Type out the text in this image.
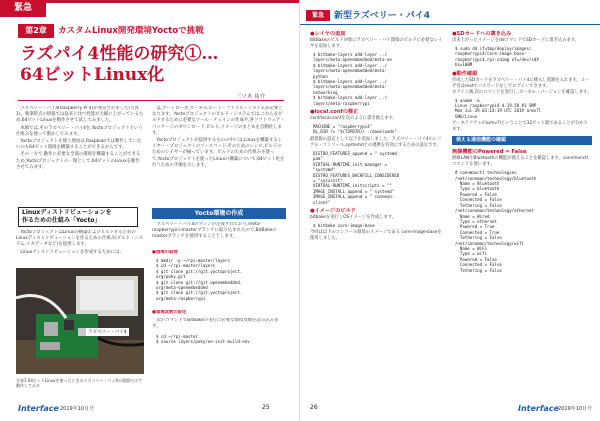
緊急
第2章	カスタムLinux開発環境Yoctoで挑戦
ラズパイ4性能の研究①…
64ビットLinux化
三ツ木 祐介

ラズベリー・パイ4(Raspberry Pi 4)が発売されました(写真1)。執筆時点の情報では従来と比べ性能が大幅に上がっているため,64ビットLinuxを動作させて試してみました。

本稿では,そのラズベリー・パイ4を,Yoctoプロジェクトという仕組みを使って動かしてみます。

Yoctoプロジェクトを使う理由は,Raspbianでは動作していないのも64ビット環境を構築することができるからです。

その一方で,動作に必要な全部の環境を構築することができるため,Yoctoプロジェクトの一環として,64ビットのLinuxを動作させてみます。

Linuxディストリビューションを
作るための仕組み「Yocto」

YoctoプロジェクトはLinuxの構築およびビルドするためのLinuxディストリビューションを作るための仕組み(ビルド・システム,メタデータなど)を提供します。

Linuxディストリビューションを作成するためには,

ラズベリー・パイ4
写真1 64ビットLinuxを使ったときのラズベリー・パイ4の電源だけで動作してみる

は,ブートローダ,カーネル,ルート・ファイル・システムが必要となります。Yoctoプロジェクトのビルド・システムでは,これらをビルドするために必要なツール・チェインの作成や,各ソフトウェア・パッケージのダウンロード,ビルド,イメージのまとめを自動化します。

Yoctoプロジェクトが提供するものの中には,Linuxを構築するレイヤー・プロジェクトのソースコード,そのためのレシピ,ビルドのためのレイヤーが揃っています。ビルドのための仕組みを使って,Yoctoプロジェクトを使ったLinuxの構築について,64ビット化を行うための手順を示します。

Yocto環境の作成

ラズベリー・パイ4のマシンが定義されており,meta-raspberrypiのmasterブランチに取り込まれたので,BitBakeのmasterブランチを使用することとします。

●環境の取得
$ mkdir -p ~/rpi-master/layers
$ cd ~/rpi-master/layers
$ git clone git://git.yoctoproject.
org/poky.git
$ git clone git://git.openembedded.
org/meta-openembedded
$ git clone git://git.yoctoproject.
org/meta-raspberrypi
●環境変数の設定

次のコマンドでBitBakeの実行に必要な環境変数を読み込みます。

$ cd ~/rpi-master
$ source layers/poky/oe-init-build-env
Interface 2019年10月号	25
緊急	新型ラズベリー・パイ4
●レイヤの追加
BitBakeのビルド対象にラズベリー・パイ環境のビルドに必要なレイヤを追加します。
$ bitbake-layers add-layer ../
layers/meta-openembedded/meta-oe
$ bitbake-layers add-layer ../
layers/meta-openembedded/meta-
python
$ bitbake-layers add-layer ../
layers/meta-openembedded/meta-
networking
$ bitbake-layers add-layer ../
layers/meta-raspberrypi
●local.confの修正
conf/local.confを次のように書き換えます。
MACHINE = "raspberrypi4"
DL_DIR ?= "${TOPDIR}/../downloads"
最低限の設定として以下を追加しました。ラズベリー・パイ4のシリアル・コンソール,systemdとの連携を有効にするための設定です。
DISTRO_FEATURES_append = " systemd
pam"
VIRTUAL-RUNTIME_init_manager =
"systemd"
DISTRO_FEATURES_BACKFILL_CONSIDERED
= "sysvinit"
VIRTUAL-RUNTIME_initscripts = ""
IMAGE_INSTALL_append = " systemd"
IMAGE_INSTALL_append = " connman-
client"
●イメージのビルド
bitbakeを実行しOSイメージを作成します。
$ bitbake core-image-base
今回は以下のコンソール環境のイメージである core-image-baseを使用しました。
●SDカードへの書き込み
出来上がったイメージをddコマンドでSDカードに書き込みます。
$ sudo dd if=tmp/deploy/images/
raspberrypi4/core-image-base-
raspberrypi4.rpi-sdimg of=/dev/sdX
bs=100M
●動作確認
作成したSDカードをラズベリー・パイ4に挿入し電源を入れます。ユーザ名はrootでパスワードなしでログインできます。
ログイン後,次のコマンドを実行し,カーネル・バージョンを確認します。
$ uname -a
Linux raspberrypi4 4.19.58 #1 SMP
Mon Jul 29 03:14:19 UTC 2019 armv7l
GNU/Linux
アーキテクチャがarmv7lということで32ビット版であることが分かります。
使える通信機能の確認
無線機能のPowered = False
無線LANやBluetoothの機能が使えることを確認します。connmanctlコマンドを使います。
# connmanctl technologies
/net/connman/technology/bluetooth
Name = Bluetooth
Type = bluetooth
Powered = False
Connected = False
Tethering = False
/net/connman/technology/ethernet
Name = Wired
Type = ethernet
Powered = True
Connected = True
Tethering = False
/net/connman/technology/wifi
Name = WiFi
Type = wifi
Powered = False
Connected = False
Tethering = False
26	Interface 2019年10月号
